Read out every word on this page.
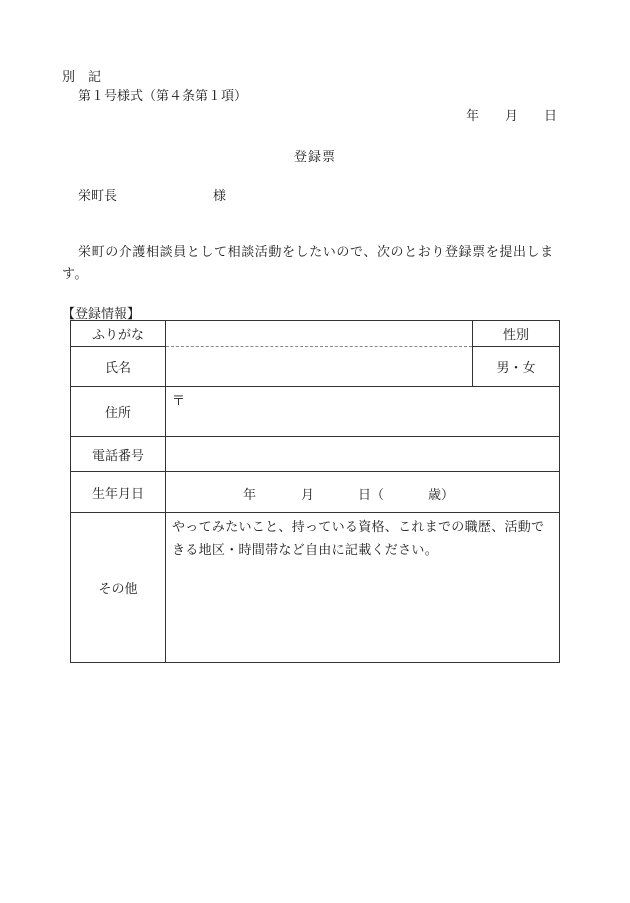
別　記
第１号様式（第４条第１項）
年　　月　　日
登録票
栄町長	様
栄町の介護相談員として相談活動をしたいので、次のとおり登録票を提出します。
【登録情報】
ふりがな		性別
氏名		男・女
住所	〒	
電話番号		
生年月日	年 月 日（ 歳）	

その他	やってみたいこと、持っている資格、これまでの職歴、活動できる地区・時間帯など自由に記載ください。	
